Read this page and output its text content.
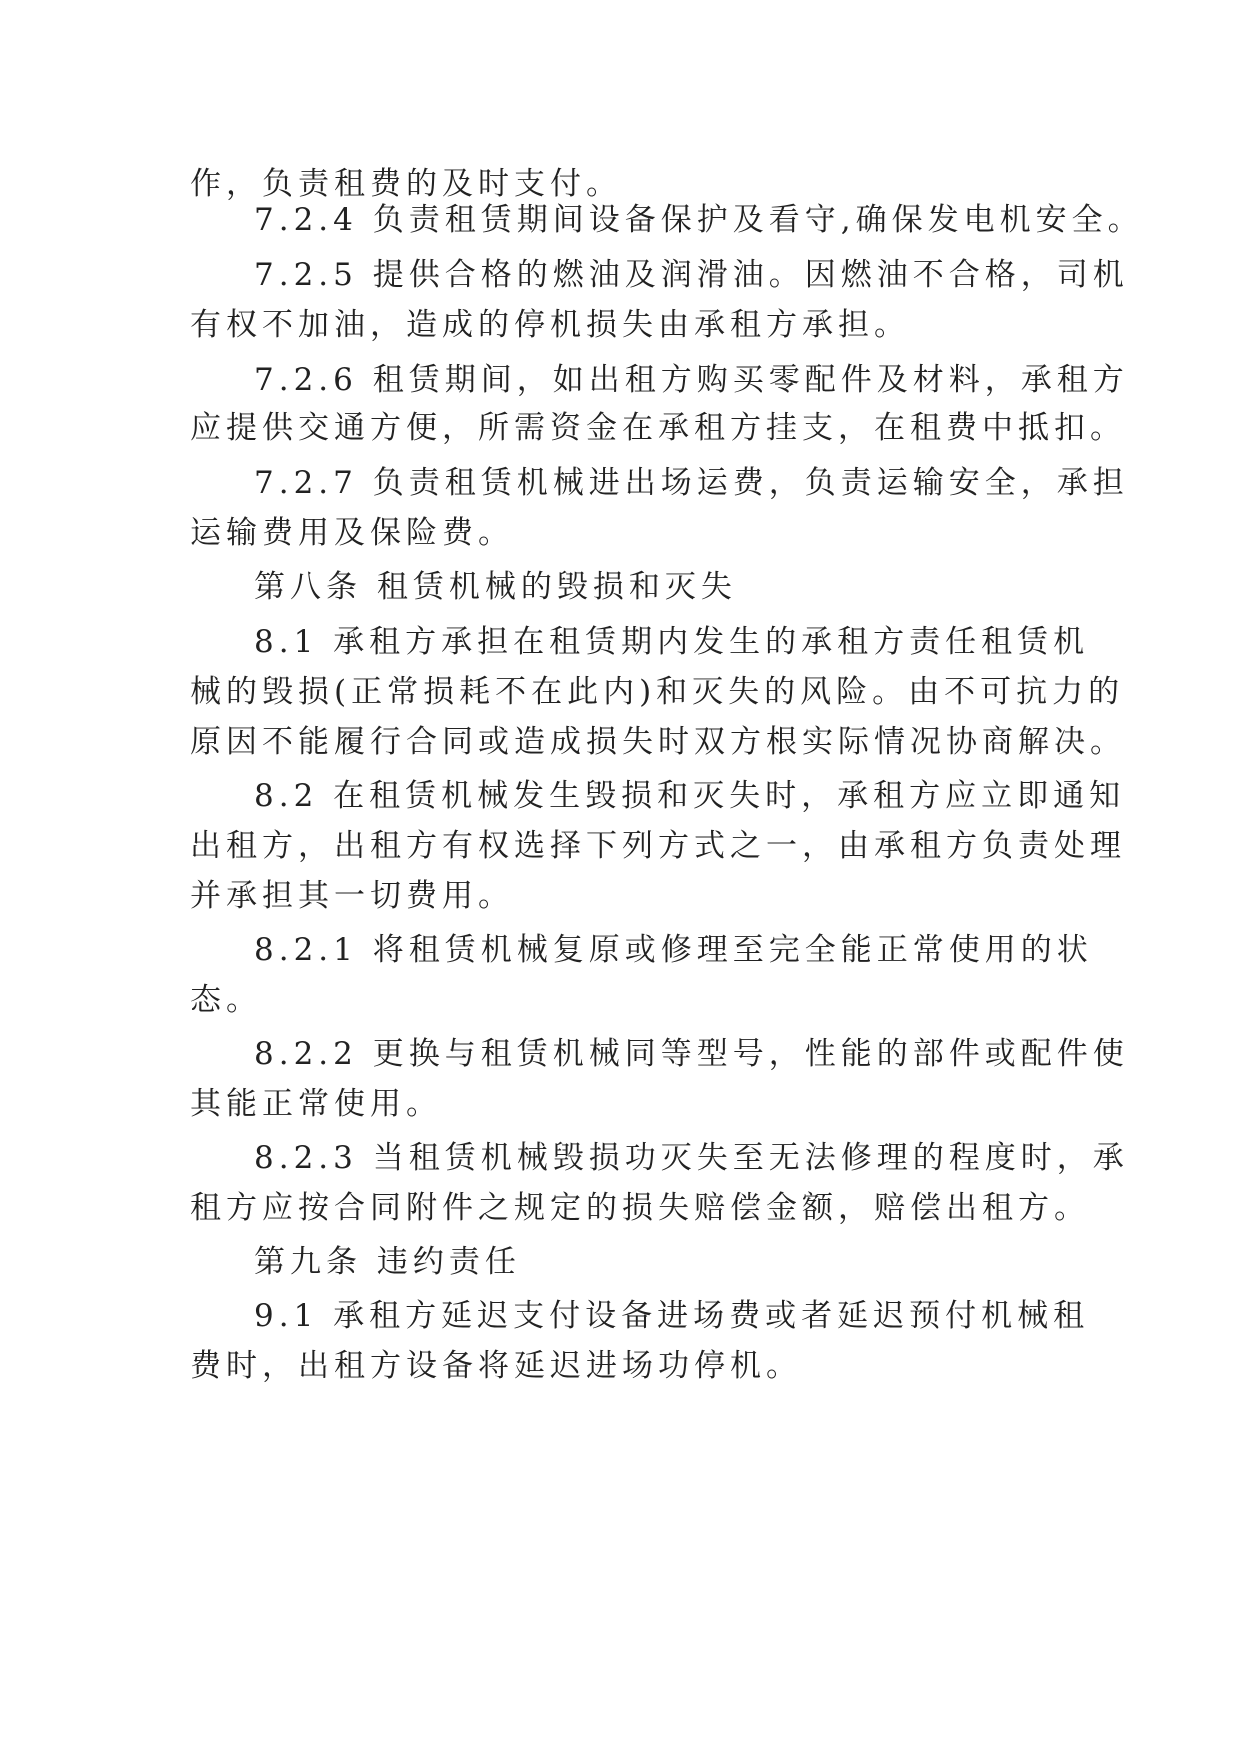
作，负责租费的及时支付。
7.2.4 负责租赁期间设备保护及看守,确保发电机安全。
7.2.5 提供合格的燃油及润滑油。因燃油不合格，司机
有权不加油，造成的停机损失由承租方承担。
7.2.6 租赁期间，如出租方购买零配件及材料，承租方
应提供交通方便，所需资金在承租方挂支，在租费中抵扣。
7.2.7 负责租赁机械进出场运费，负责运输安全，承担
运输费用及保险费。
第八条 租赁机械的毁损和灭失
8.1 承租方承担在租赁期内发生的承租方责任租赁机
械的毁损(正常损耗不在此内)和灭失的风险。由不可抗力的
原因不能履行合同或造成损失时双方根实际情况协商解决。
8.2 在租赁机械发生毁损和灭失时，承租方应立即通知
出租方，出租方有权选择下列方式之一，由承租方负责处理
并承担其一切费用。
8.2.1 将租赁机械复原或修理至完全能正常使用的状
态。
8.2.2 更换与租赁机械同等型号，性能的部件或配件使
其能正常使用。
8.2.3 当租赁机械毁损功灭失至无法修理的程度时，承
租方应按合同附件之规定的损失赔偿金额，赔偿出租方。
第九条 违约责任
9.1 承租方延迟支付设备进场费或者延迟预付机械租
费时，出租方设备将延迟进场功停机。
